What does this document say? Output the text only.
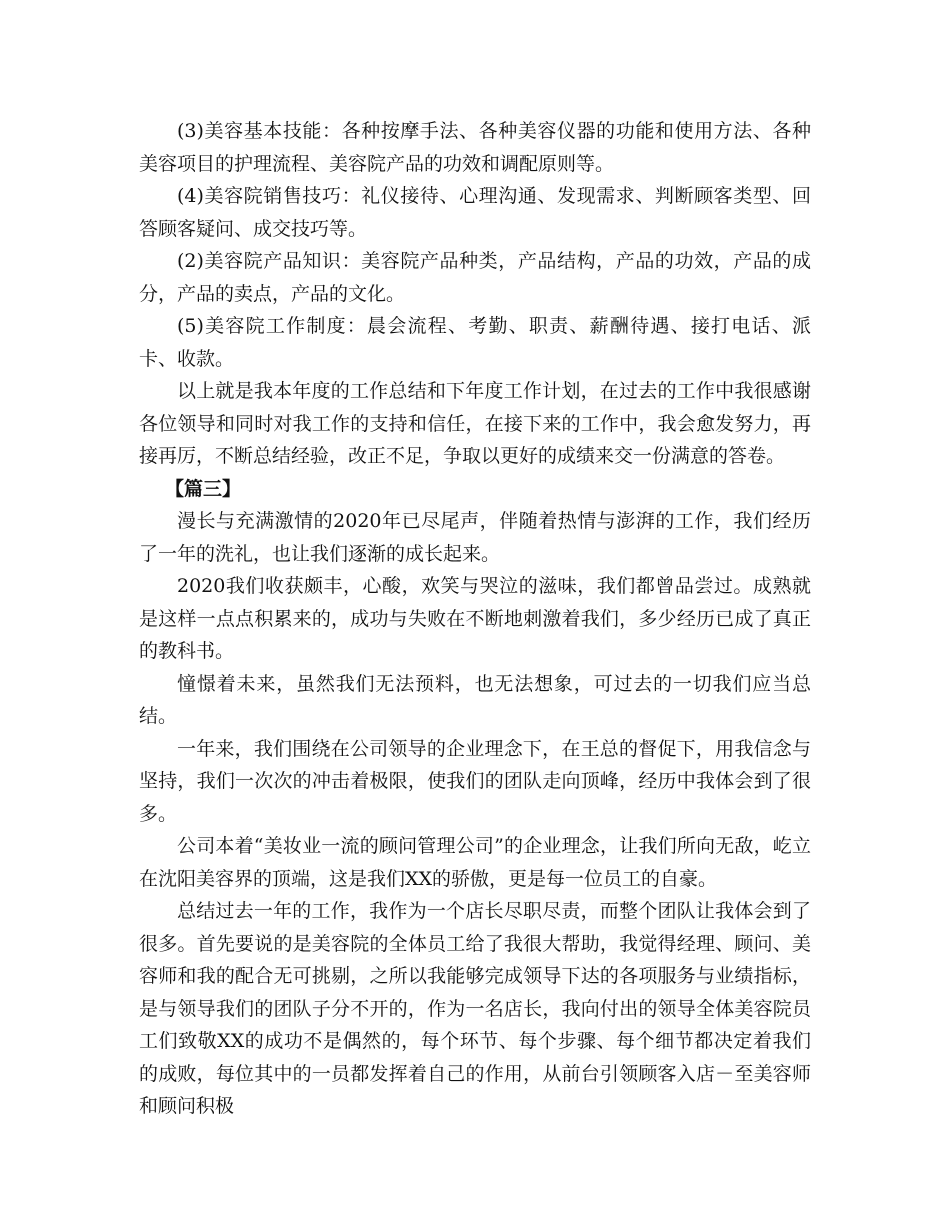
(3)美容基本技能：各种按摩手法、各种美容仪器的功能和使用方法、各种美容项目的护理流程、美容院产品的功效和调配原则等。

(4)美容院销售技巧：礼仪接待、心理沟通、发现需求、判断顾客类型、回答顾客疑问、成交技巧等。

(2)美容院产品知识：美容院产品种类，产品结构，产品的功效，产品的成分，产品的卖点，产品的文化。

(5)美容院工作制度：晨会流程、考勤、职责、薪酬待遇、接打电话、派卡、收款。

以上就是我本年度的工作总结和下年度工作计划，在过去的工作中我很感谢各位领导和同时对我工作的支持和信任，在接下来的工作中，我会愈发努力，再接再厉，不断总结经验，改正不足，争取以更好的成绩来交一份满意的答卷。

【篇三】

漫长与充满激情的2020年已尽尾声，伴随着热情与澎湃的工作，我们经历了一年的洗礼，也让我们逐渐的成长起来。

2020我们收获颇丰，心酸，欢笑与哭泣的滋味，我们都曾品尝过。成熟就是这样一点点积累来的，成功与失败在不断地刺激着我们，多少经历已成了真正的教科书。

憧憬着未来，虽然我们无法预料，也无法想象，可过去的一切我们应当总结。

一年来，我们围绕在公司领导的企业理念下，在王总的督促下，用我信念与坚持，我们一次次的冲击着极限，使我们的团队走向顶峰，经历中我体会到了很多。

公司本着“美妆业一流的顾问管理公司”的企业理念，让我们所向无敌，屹立在沈阳美容界的顶端，这是我们XX的骄傲，更是每一位员工的自豪。

总结过去一年的工作，我作为一个店长尽职尽责，而整个团队让我体会到了很多。首先要说的是美容院的全体员工给了我很大帮助，我觉得经理、顾问、美容师和我的配合无可挑剔，之所以我能够完成领导下达的各项服务与业绩指标，是与领导我们的团队子分不开的，作为一名店长，我向付出的领导全体美容院员工们致敬XX的成功不是偶然的，每个环节、每个步骤、每个细节都决定着我们的成败，每位其中的一员都发挥着自己的作用，从前台引领顾客入店－至美容师和顾问积极
